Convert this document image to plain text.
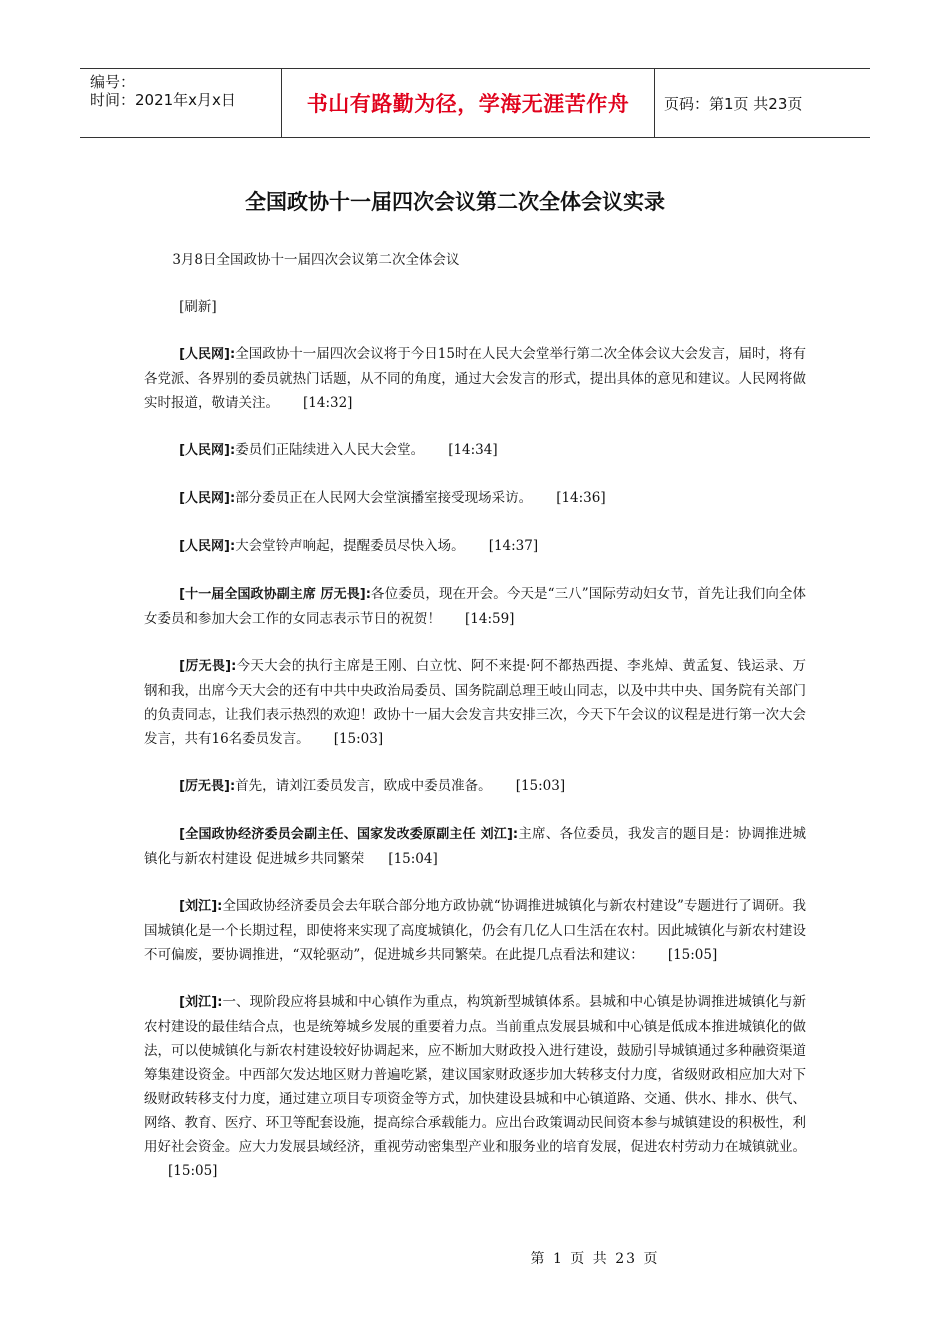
编号：
时间：2021年x月x日	书山有路勤为径，学海无涯苦作舟	页码：第1页 共23页
全国政协十一届四次会议第二次全体会议实录

3月8日全国政协十一届四次会议第二次全体会议

[刷新]

[人民网]:全国政协十一届四次会议将于今日15时在人民大会堂举行第二次全体会议大会发言，届时，将有各党派、各界别的委员就热门话题，从不同的角度，通过大会发言的形式，提出具体的意见和建议。人民网将做实时报道，敬请关注。 [14:32]

[人民网]:委员们正陆续进入人民大会堂。 [14:34]

[人民网]:部分委员正在人民网大会堂演播室接受现场采访。 [14:36]

[人民网]:大会堂铃声响起，提醒委员尽快入场。 [14:37]

[十一届全国政协副主席 厉无畏]:各位委员，现在开会。今天是“三八”国际劳动妇女节，首先让我们向全体女委员和参加大会工作的女同志表示节日的祝贺！ [14:59]

[厉无畏]:今天大会的执行主席是王刚、白立忱、阿不来提·阿不都热西提、李兆焯、黄孟复、钱运录、万钢和我，出席今天大会的还有中共中央政治局委员、国务院副总理王岐山同志，以及中共中央、国务院有关部门的负责同志，让我们表示热烈的欢迎！政协十一届大会发言共安排三次，今天下午会议的议程是进行第一次大会发言，共有16名委员发言。 [15:03]

[厉无畏]:首先，请刘江委员发言，欧成中委员准备。 [15:03]

[全国政协经济委员会副主任、国家发改委原副主任 刘江]:主席、各位委员，我发言的题目是：协调推进城镇化与新农村建设 促进城乡共同繁荣 [15:04]

[刘江]:全国政协经济委员会去年联合部分地方政协就“协调推进城镇化与新农村建设”专题进行了调研。我国城镇化是一个长期过程，即使将来实现了高度城镇化，仍会有几亿人口生活在农村。因此城镇化与新农村建设不可偏废，要协调推进，“双轮驱动”，促进城乡共同繁荣。在此提几点看法和建议： [15:05]

[刘江]:一、现阶段应将县城和中心镇作为重点，构筑新型城镇体系。县城和中心镇是协调推进城镇化与新农村建设的最佳结合点，也是统筹城乡发展的重要着力点。当前重点发展县城和中心镇是低成本推进城镇化的做法，可以使城镇化与新农村建设较好协调起来，应不断加大财政投入进行建设，鼓励引导城镇通过多种融资渠道筹集建设资金。中西部欠发达地区财力普遍吃紧，建议国家财政逐步加大转移支付力度，省级财政相应加大对下级财政转移支付力度，通过建立项目专项资金等方式，加快建设县城和中心镇道路、交通、供水、排水、供气、网络、教育、医疗、环卫等配套设施，提高综合承载能力。应出台政策调动民间资本参与城镇建设的积极性，利用好社会资金。应大力发展县域经济，重视劳动密集型产业和服务业的培育发展，促进农村劳动力在城镇就业。[15:05]

第 1 页 共 23 页
